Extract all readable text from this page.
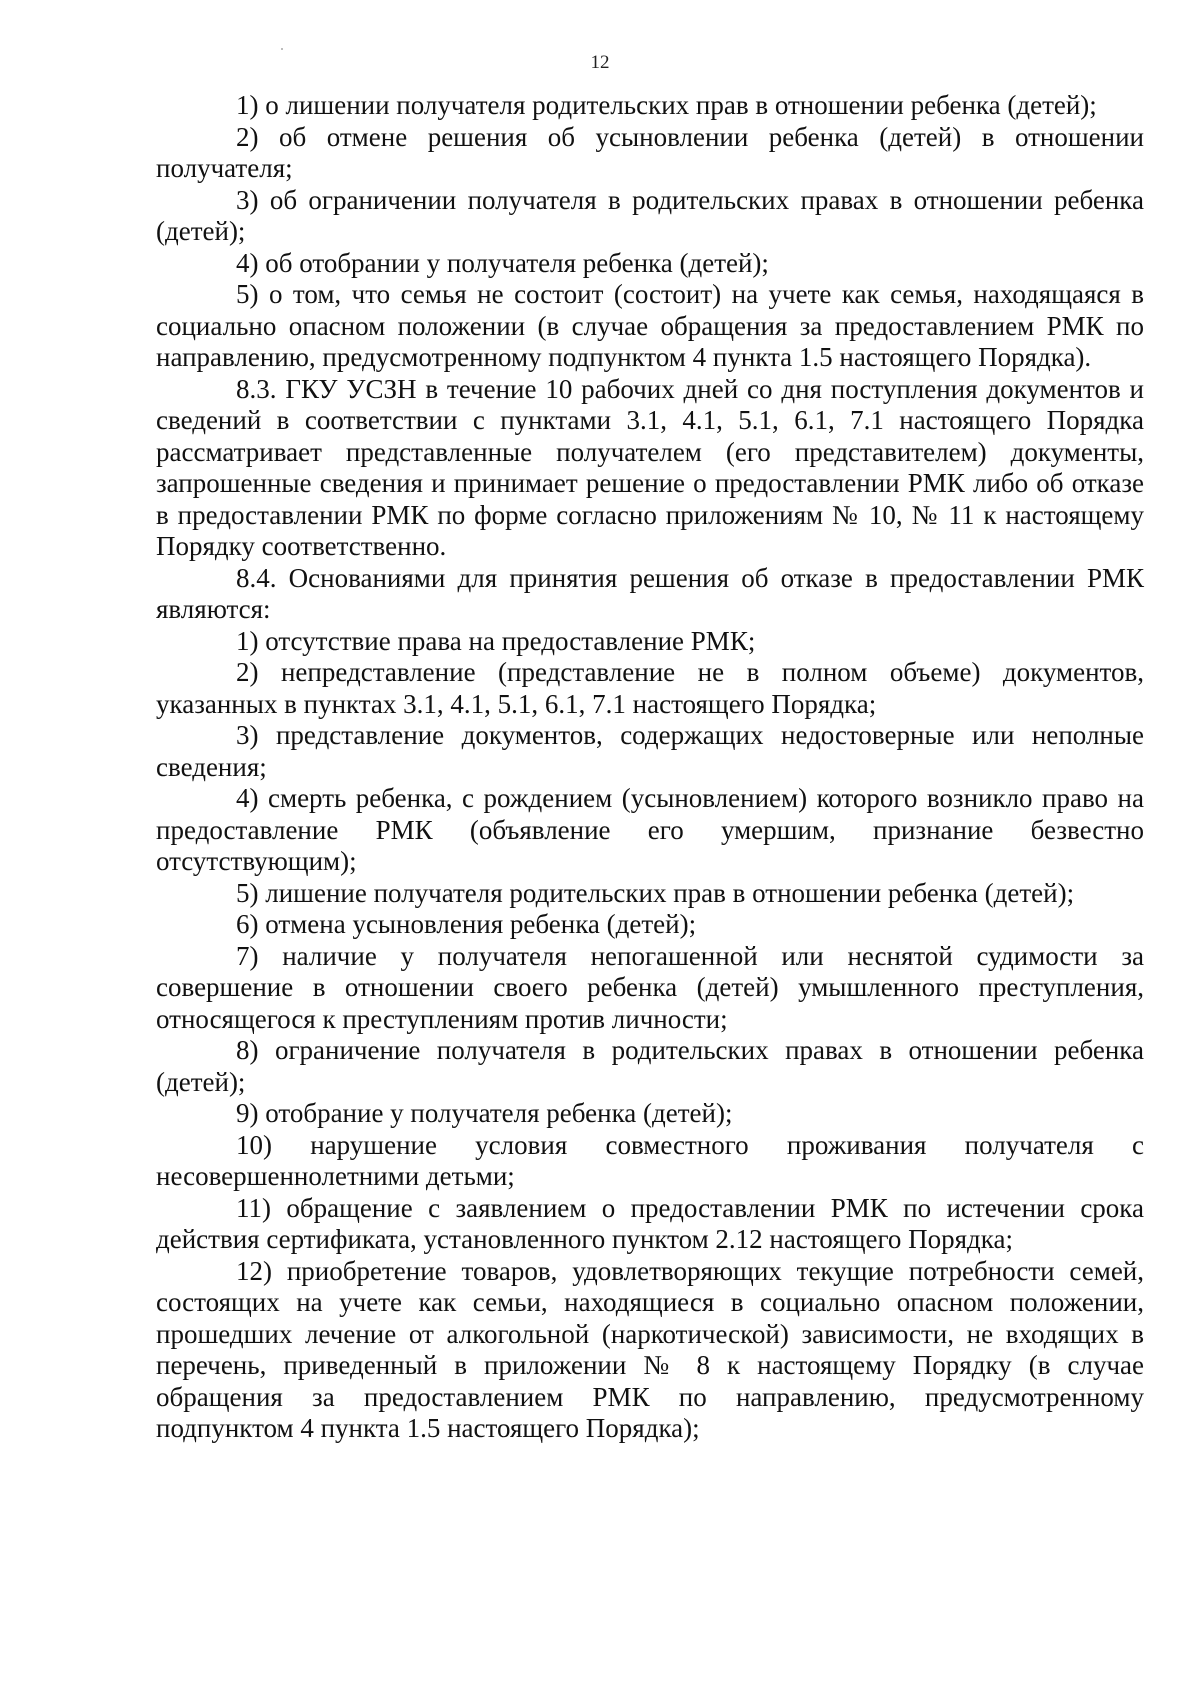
12

1) о лишении получателя родительских прав в отношении ребенка (детей);

2) об отмене решения об усыновлении ребенка (детей) в отношении получателя;

3) об ограничении получателя в родительских правах в отношении ребенка (детей);

4) об отобрании у получателя ребенка (детей);

5) о том, что семья не состоит (состоит) на учете как семья, находящаяся в социально опасном положении (в случае обращения за предоставлением РМК по направлению, предусмотренному подпунктом 4 пункта 1.5 настоящего Порядка).

8.3. ГКУ УСЗН в течение 10 рабочих дней со дня поступления документов и сведений в соответствии с пунктами 3.1, 4.1, 5.1, 6.1, 7.1 настоящего Порядка рассматривает представленные получателем (его представителем) документы, запрошенные сведения и принимает решение о предоставлении РМК либо об отказе в предоставлении РМК по форме согласно приложениям № 10, № 11 к настоящему Порядку соответственно.

8.4. Основаниями для принятия решения об отказе в предоставлении РМК являются:

1) отсутствие права на предоставление РМК;

2) непредставление (представление не в полном объеме) документов, указанных в пунктах 3.1, 4.1, 5.1, 6.1, 7.1 настоящего Порядка;

3) представление документов, содержащих недостоверные или неполные сведения;

4) смерть ребенка, с рождением (усыновлением) которого возникло право на предоставление РМК (объявление его умершим, признание безвестно отсутствующим);

5) лишение получателя родительских прав в отношении ребенка (детей);

6) отмена усыновления ребенка (детей);

7) наличие у получателя непогашенной или неснятой судимости за совершение в отношении своего ребенка (детей) умышленного преступления, относящегося к преступлениям против личности;

8) ограничение получателя в родительских правах в отношении ребенка (детей);

9) отобрание у получателя ребенка (детей);

10) нарушение условия совместного проживания получателя с несовершеннолетними детьми;

11) обращение с заявлением о предоставлении РМК по истечении срока действия сертификата, установленного пунктом 2.12 настоящего Порядка;

12) приобретение товаров, удовлетворяющих текущие потребности семей, состоящих на учете как семьи, находящиеся в социально опасном положении, прошедших лечение от алкогольной (наркотической) зависимости, не входящих в перечень, приведенный в приложении № 8 к настоящему Порядку (в случае обращения за предоставлением РМК по направлению, предусмотренному подпунктом 4 пункта 1.5 настоящего Порядка);
